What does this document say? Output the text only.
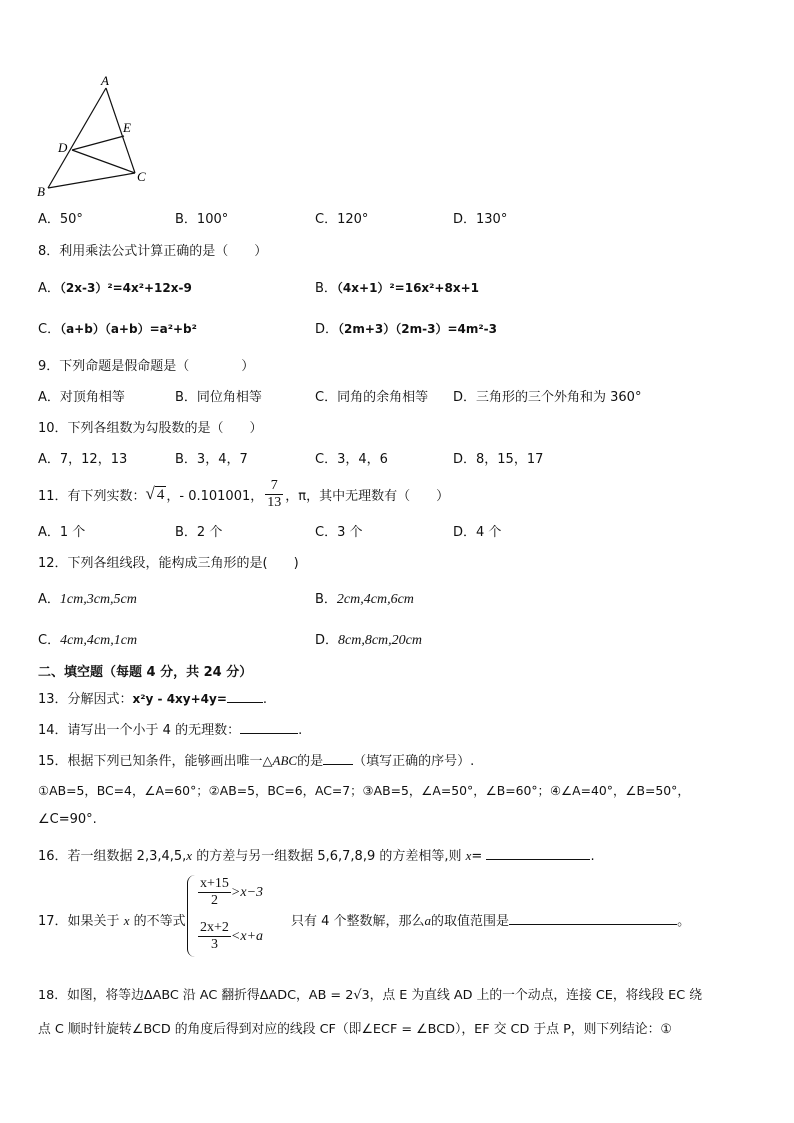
A
E
D
C
B
A．50°	B．100°	C．120°	D．130°
8．利用乘法公式计算正确的是（　　）
A．（2x-3）²=4x²+12x-9	B．（4x+1）²=16x²+8x+1
C．（a+b）（a+b）=a²+b²	D．（2m+3）（2m-3）=4m²-3
9．下列命题是假命题是（　　　　）
A．对顶角相等	B．同位角相等	C．同角的余角相等 D．三角形的三个外角和为 360°
10．下列各组数为勾股数的是（　　）
A．7，12，13	B．3，4，7	C．3，4，6	D．8，15，17
11．有下列实数： √ 4 ，- 0.101001， $\frac{7}{13}$ ，π，其中无理数有（　　）
A．1 个	B．2 个	C．3 个	D．4 个
12．下列各组线段，能构成三角形的是(　　)
A．1cm,3cm,5cm	B．2cm,4cm,6cm
C．4cm,4cm,1cm	D．8cm,8cm,20cm
二、填空题（每题 4 分，共 24 分）
13．分解因式：x²y - 4xy+4y=	.
14．请写出一个小于 4 的无理数：	.
15．根据下列已知条件，能够画出唯一△ABC的是 （填写正确的序号）.
①AB=5，BC=4，∠A=60°；②AB=5，BC=6，AC=7；③AB=5，∠A=50°，∠B=60°；④∠A=40°，∠B=50°，
∠C=90°.
16．若一组数据 2,3,4,5,x 的方差与另一组数据 5,6,7,8,9 的方差相等,则 x=	.
17．如果关于 x 的不等式
$\frac{x+15}{2} >x-3$
$\frac{2x+2}{3} <x+a$
只有 4 个整数解，那么a的取值范围是	。
18．如图，将等边ΔABC 沿 AC 翻折得ΔADC，AB = 2√3，点 E 为直线 AD 上的一个动点，连接 CE，将线段 EC 绕
点 C 顺时针旋转∠BCD 的角度后得到对应的线段 CF（即∠ECF = ∠BCD），EF 交 CD 于点 P，则下列结论：①
